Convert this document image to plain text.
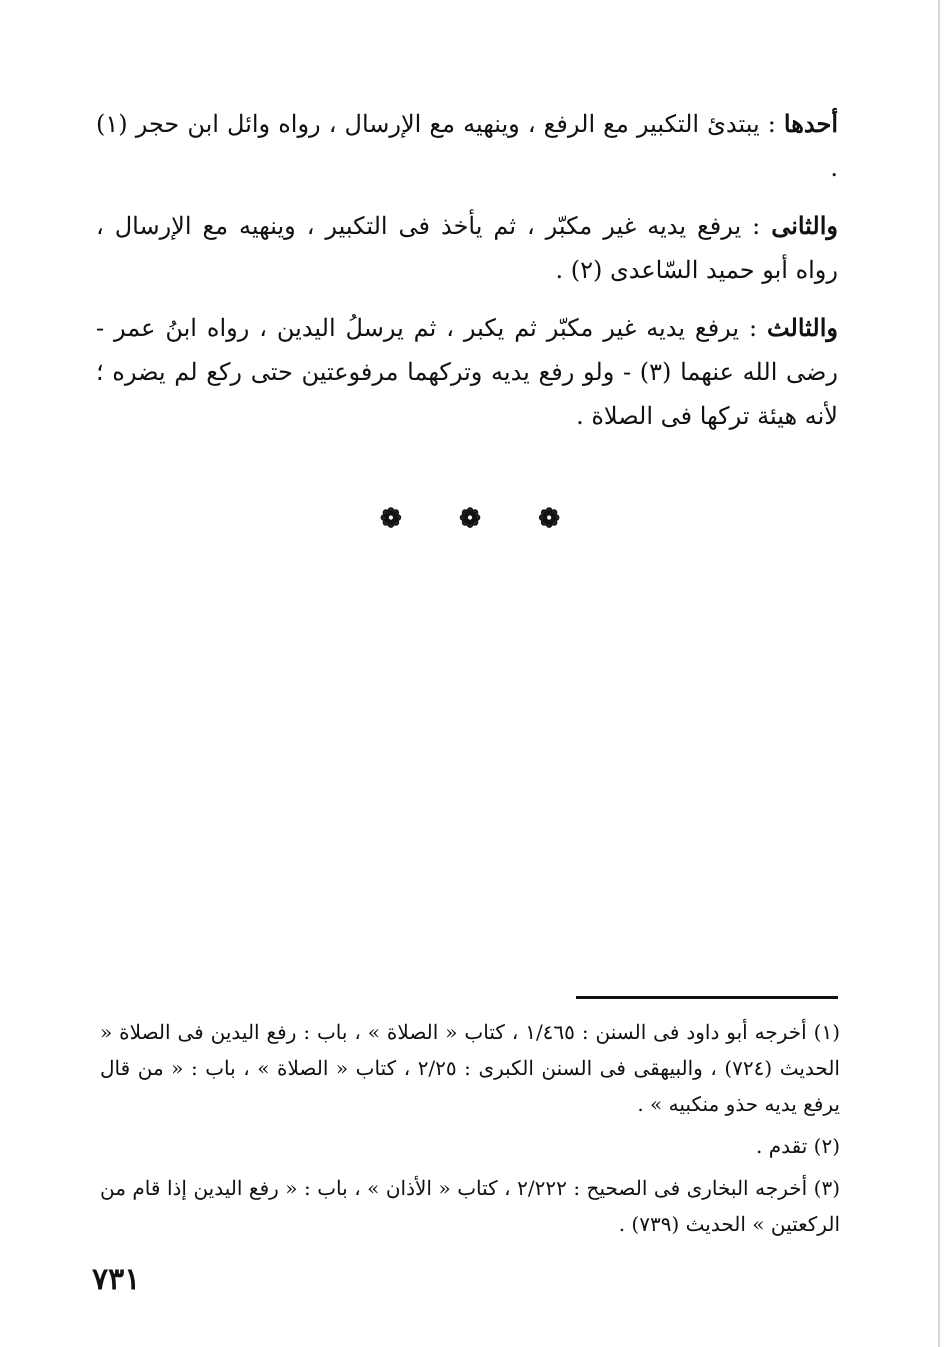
أحدها : يبتدئ التكبير مع الرفع ، وينهيه مع الإرسال ، رواه وائل ابن حجر (١) .

والثانى : يرفع يديه غير مكبّر ، ثم يأخذ فى التكبير ، وينهيه مع الإرسال ، رواه أبو حميد السّاعدى (٢) .

والثالث : يرفع يديه غير مكبّر ثم يكبر ، ثم يرسلُ اليدين ، رواه ابنُ عمر - رضى الله عنهما (٣) - ولو رفع يديه وتركهما مرفوعتين حتى ركع لم يضره ؛ لأنه هيئة تركها فى الصلاة .

❁ ❁ ❁

(١) أخرجه أبو داود فى السنن : ١/٤٦٥ ، كتاب « الصلاة » ، باب : رفع اليدين فى الصلاة « الحديث (٧٢٤) ، والبيهقى فى السنن الكبرى : ٢/٢٥ ، كتاب « الصلاة » ، باب : « من قال يرفع يديه حذو منكبيه » .

(٢) تقدم .

(٣) أخرجه البخارى فى الصحيح : ٢/٢٢٢ ، كتاب « الأذان » ، باب : « رفع اليدين إذا قام من الركعتين » الحديث (٧٣٩) .

٧٣١
